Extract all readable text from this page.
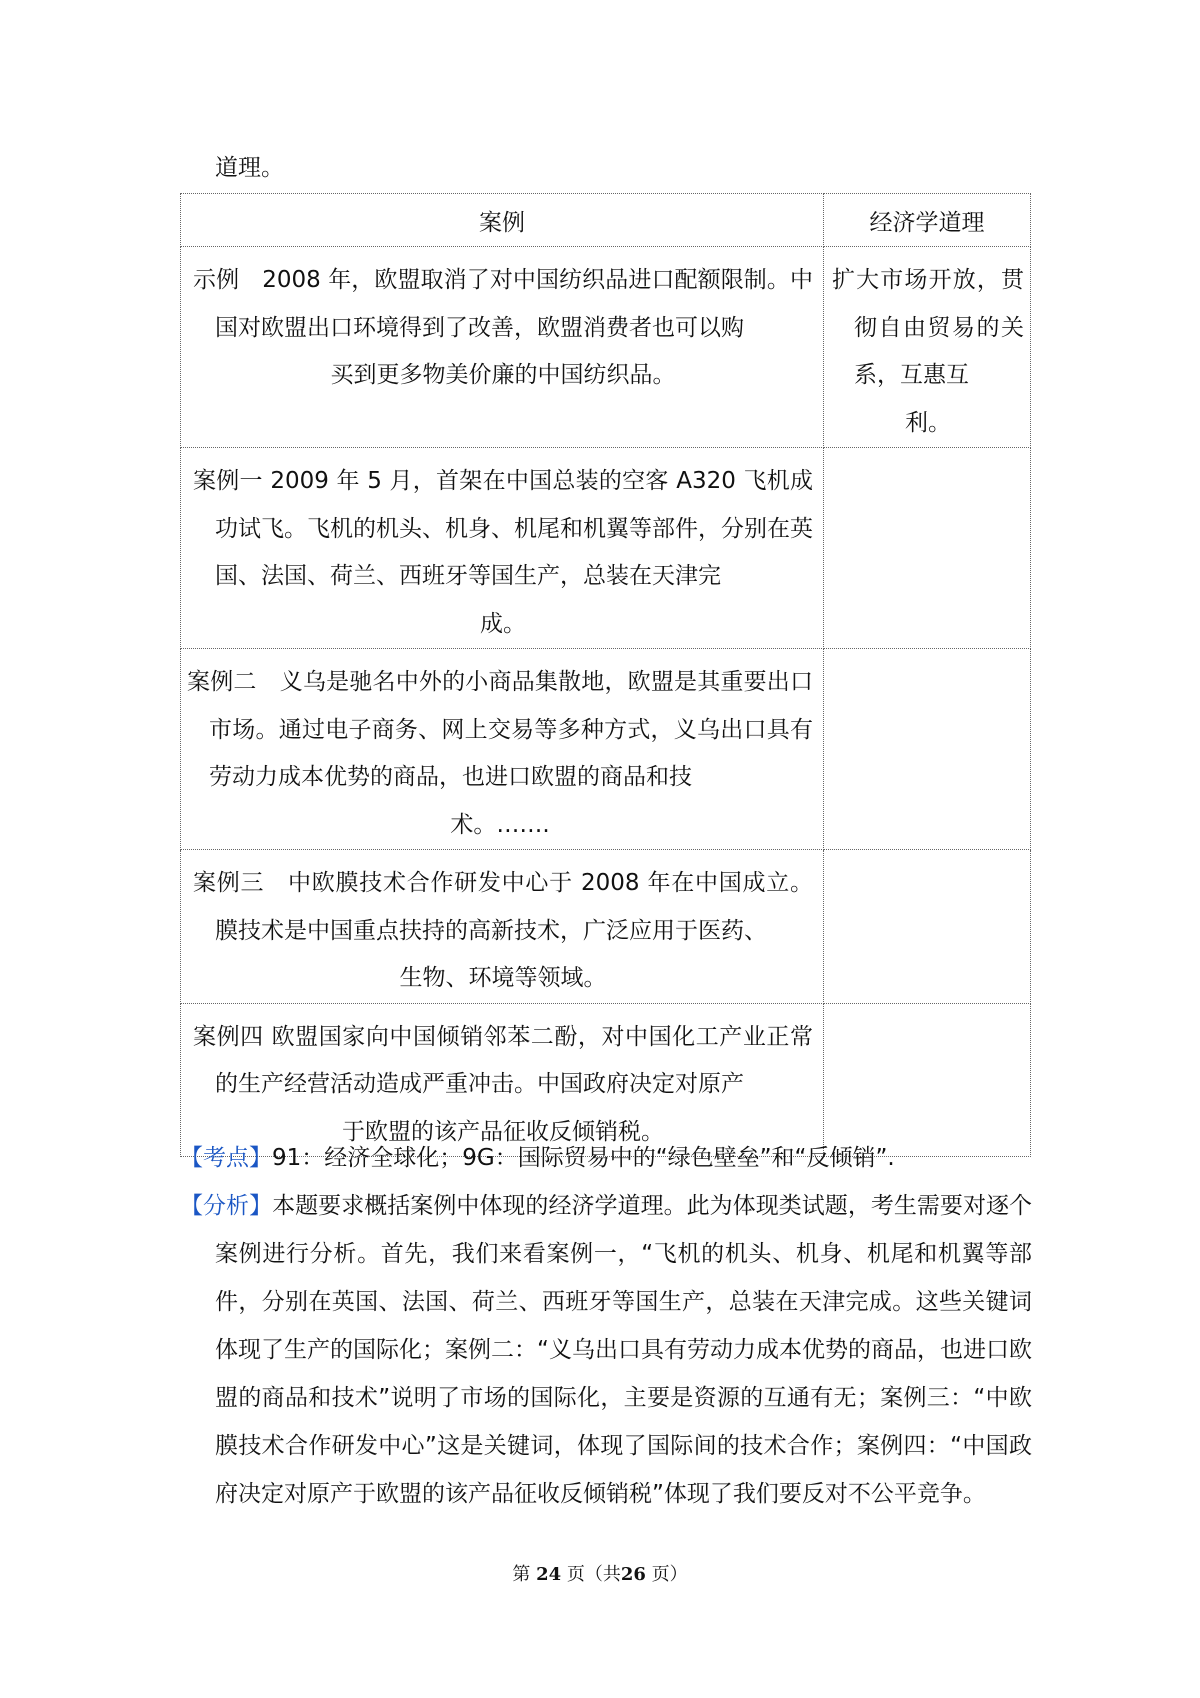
道理。
案例	经济学道理

示例　2008 年，欧盟取消了对中国纺织品进口配额限制。中国对欧盟出口环境得到了改善，欧盟消费者也可以购
买到更多物美价廉的中国纺织品。	扩大市场开放，贯彻自由贸易的关系，互惠互
利。

案例一 2009 年 5 月，首架在中国总装的空客 A320 飞机成功试飞。飞机的机头、机身、机尾和机翼等部件，分别在英国、法国、荷兰、西班牙等国生产，总装在天津完
成。	

案例二　义乌是驰名中外的小商品集散地，欧盟是其重要出口市场。通过电子商务、网上交易等多种方式，义乌出口具有劳动力成本优势的商品，也进口欧盟的商品和技
术。…….	

案例三　中欧膜技术合作研发中心于 2008 年在中国成立。膜技术是中国重点扶持的高新技术，广泛应用于医药、
生物、环境等领域。	

案例四 欧盟国家向中国倾销邻苯二酚，对中国化工产业正常的生产经营活动造成严重冲击。中国政府决定对原产
于欧盟的该产品征收反倾销税。	

【考点】91：经济全球化；9G：国际贸易中的“绿色壁垒”和“反倾销”.
【分析】本题要求概括案例中体现的经济学道理。此为体现类试题，考生需要对逐个案例进行分析。首先，我们来看案例一，“飞机的机头、机身、机尾和机翼等部件，分别在英国、法国、荷兰、西班牙等国生产，总装在天津完成。这些关键词体现了生产的国际化；案例二：“义乌出口具有劳动力成本优势的商品，也进口欧盟的商品和技术”说明了市场的国际化，主要是资源的互通有无；案例三：“中欧膜技术合作研发中心”这是关键词，体现了国际间的技术合作；案例四：“中国政府决定对原产于欧盟的该产品征收反倾销税”体现了我们要反对不公平竞争。
第 24 页（共26 页）
